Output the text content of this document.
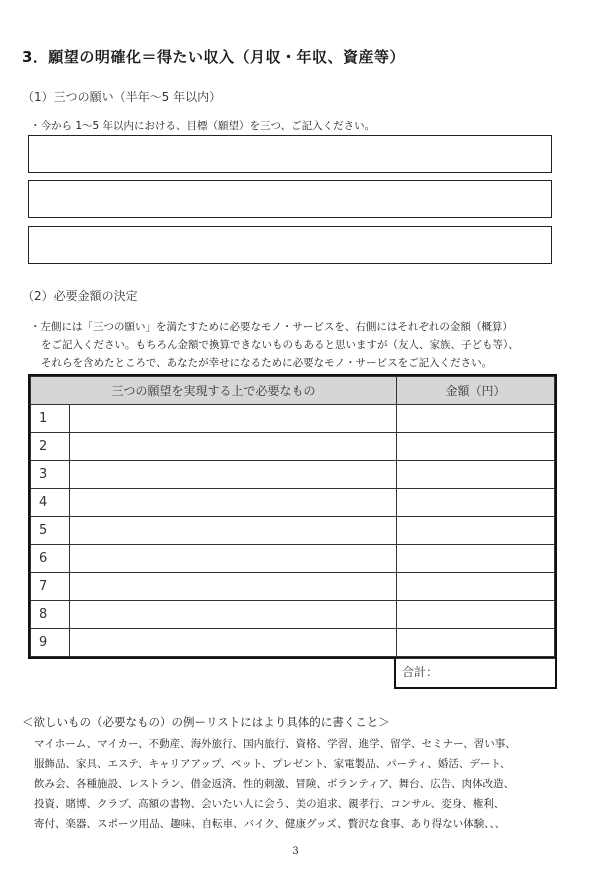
3．願望の明確化＝得たい収入（月収・年収、資産等）
（1）三つの願い（半年〜5 年以内）
・今から 1〜5 年以内における、目標（願望）を三つ、ご記入ください。
（2）必要金額の決定
・左側には「三つの願い」を満たすために必要なモノ・サービスを、右側にはそれぞれの金額（概算）
をご記入ください。もちろん金額で換算できないものもあると思いますが（友人、家族、子ども等）、
それらを含めたところで、あなたが幸せになるために必要なモノ・サービスをご記入ください。
三つの願望を実現する上で必要なもの		金額（円）
1		
2		
3		
4		
5		
6		
7		
8		
9		
合計：
＜欲しいもの（必要なもの）の例ーリストにはより具体的に書くこと＞
マイホーム、マイカー、不動産、海外旅行、国内旅行、資格、学習、進学、留学、セミナー、習い事、
服飾品、家具、エステ、キャリアアップ、ペット、プレゼント、家電製品、パーティ、婚活、デート、
飲み会、各種施設、レストラン、借金返済、性的刺激、冒険、ボランティア、舞台、広告、肉体改造、
投資、賭博、クラブ、高額の書物、会いたい人に会う、美の追求、親孝行、コンサル、変身、権利、
寄付、楽器、スポーツ用品、趣味、自転車、バイク、健康グッズ、贅沢な食事、あり得ない体験、、、
3
